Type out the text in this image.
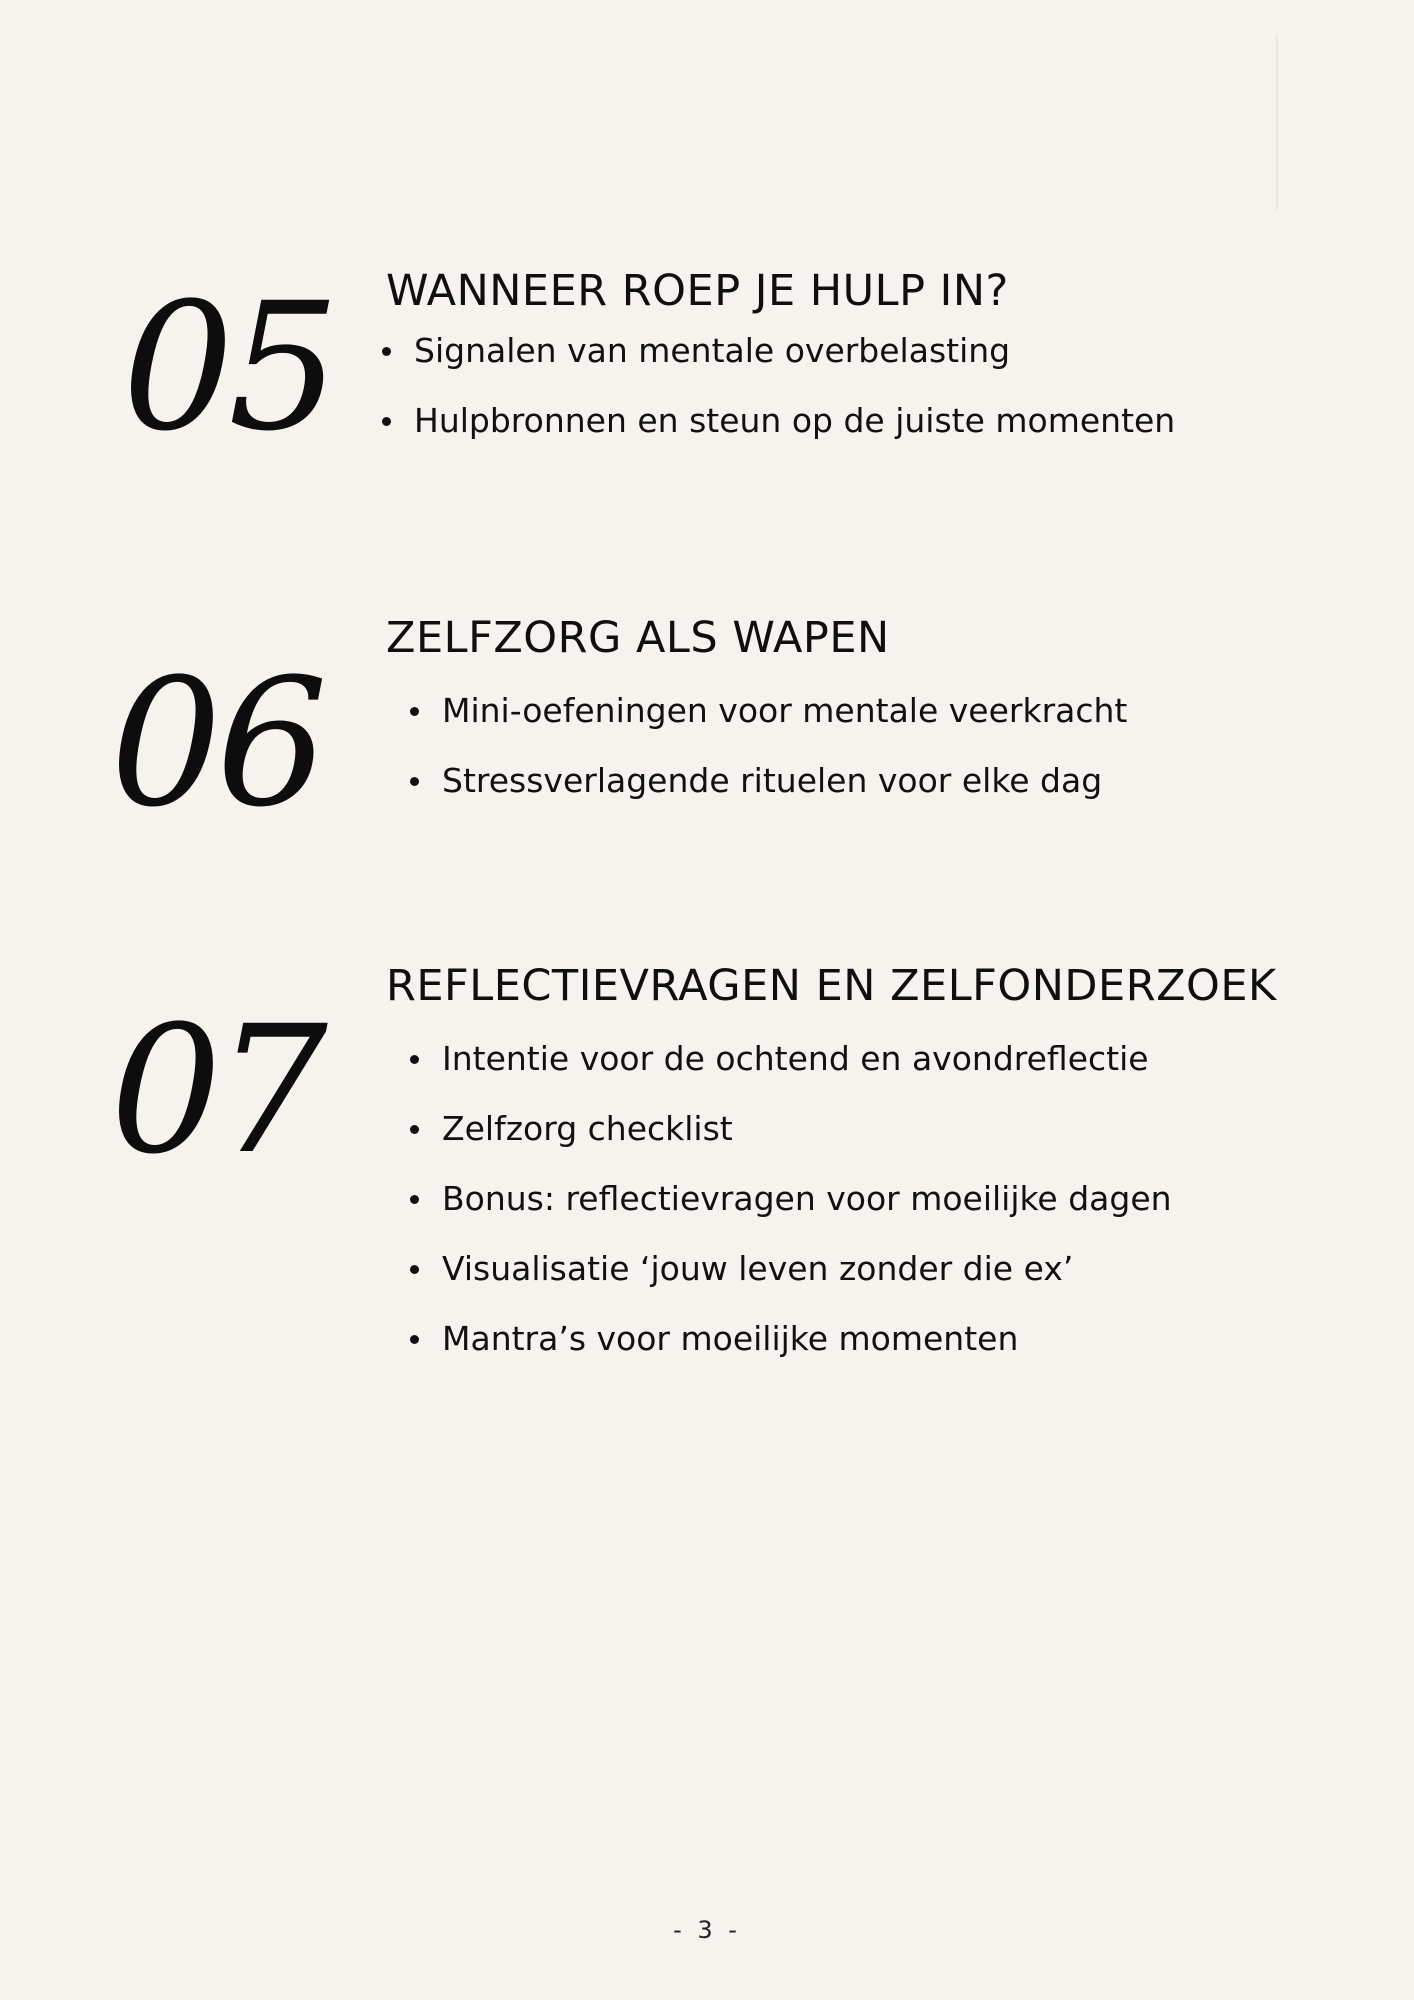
05 WANNEER ROEP JE HULP IN?
Signalen van mentale overbelasting
Hulpbronnen en steun op de juiste momenten
06
ZELFZORG ALS WAPEN
Mini-oefeningen voor mentale veerkracht
Stressverlagende rituelen voor elke dag
07
REFLECTIEVRAGEN EN ZELFONDERZOEK
Intentie voor de ochtend en avondreflectie
Zelfzorg checklist
Bonus: reflectievragen voor moeilijke dagen
Visualisatie ‘jouw leven zonder die ex’
Mantra’s voor moeilijke momenten
- 3 -
